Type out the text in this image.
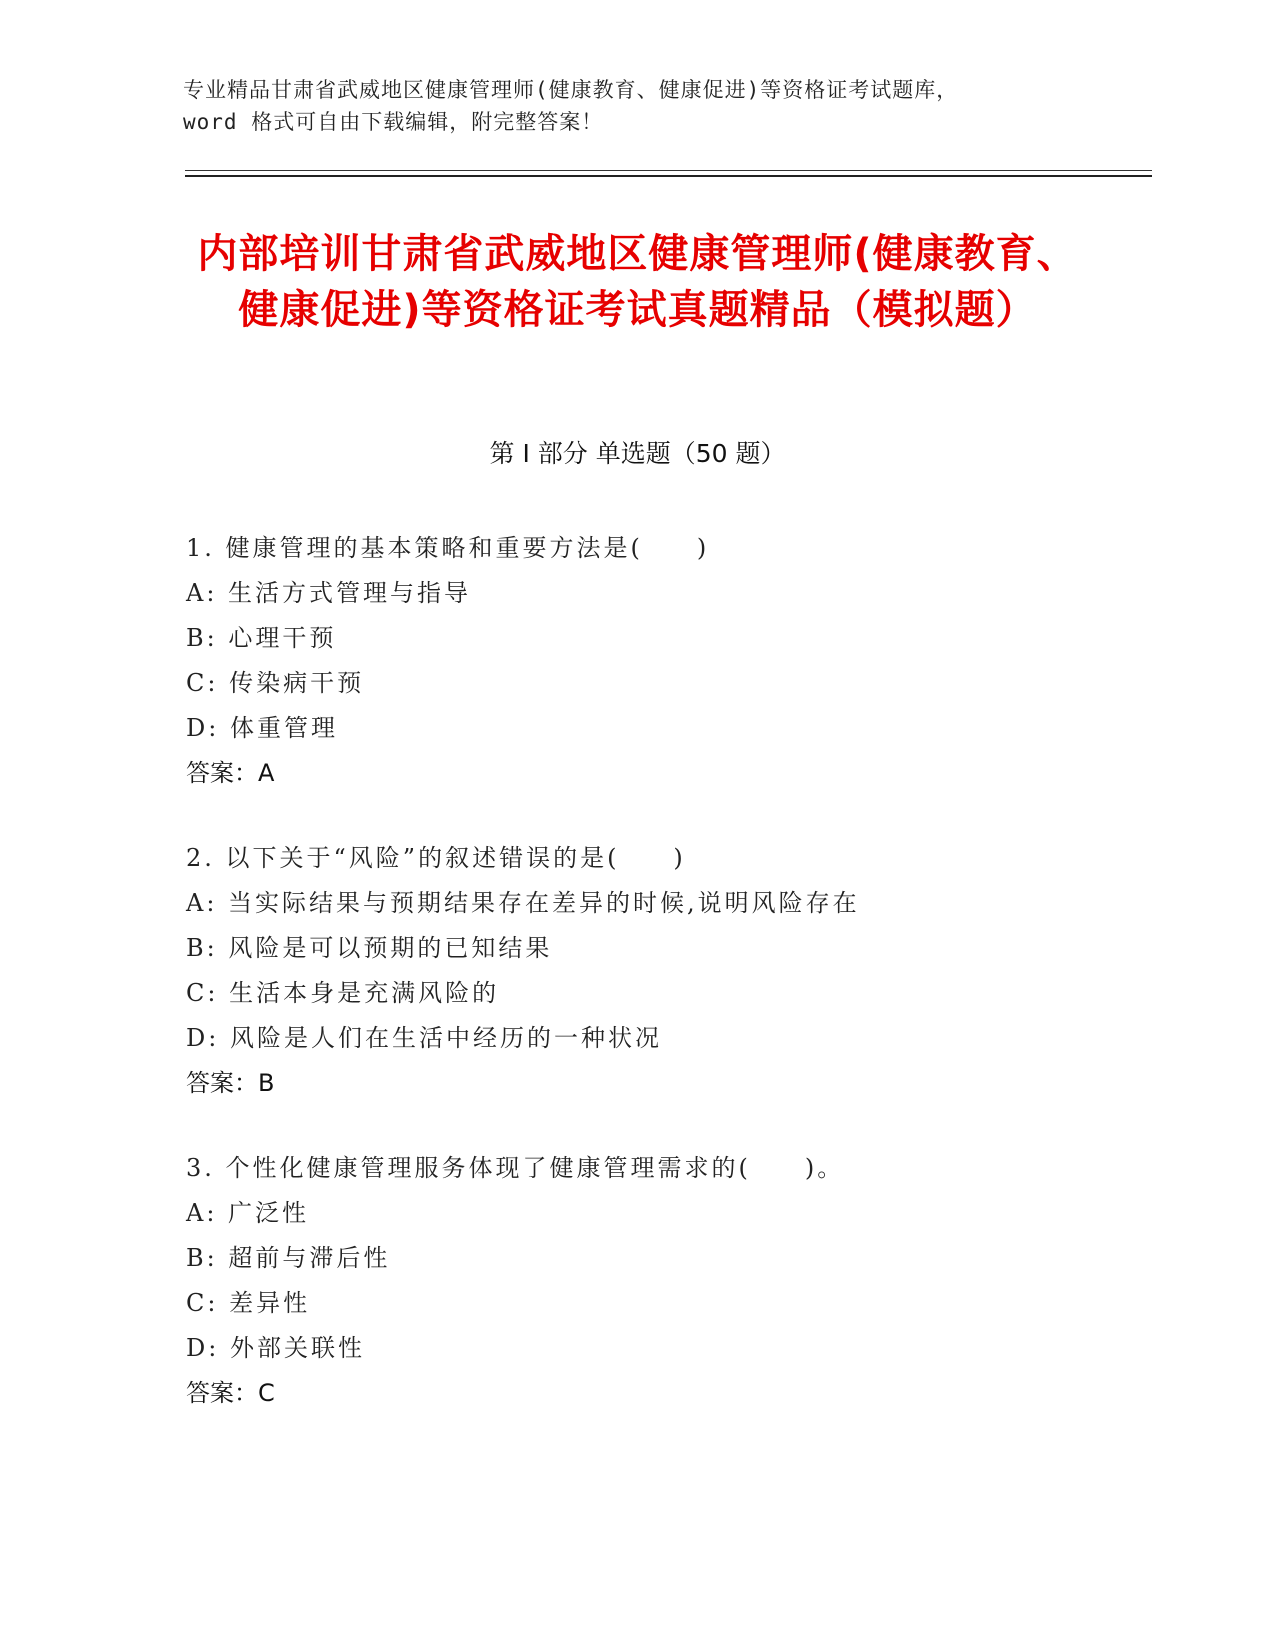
专业精品甘肃省武威地区健康管理师(健康教育、健康促进)等资格证考试题库，
word 格式可自由下载编辑，附完整答案！
内部培训甘肃省武威地区健康管理师(健康教育、健康促进)等资格证考试真题精品（模拟题）
第 I 部分 单选题（50 题）
1. 健康管理的基本策略和重要方法是(　　)
A: 生活方式管理与指导
B: 心理干预
C: 传染病干预
D: 体重管理
答案：A
2. 以下关于“风险”的叙述错误的是(　　)
A: 当实际结果与预期结果存在差异的时候,说明风险存在
B: 风险是可以预期的已知结果
C: 生活本身是充满风险的
D: 风险是人们在生活中经历的一种状况
答案：B
3. 个性化健康管理服务体现了健康管理需求的(　　)。
A: 广泛性
B: 超前与滞后性
C: 差异性
D: 外部关联性
答案：C
